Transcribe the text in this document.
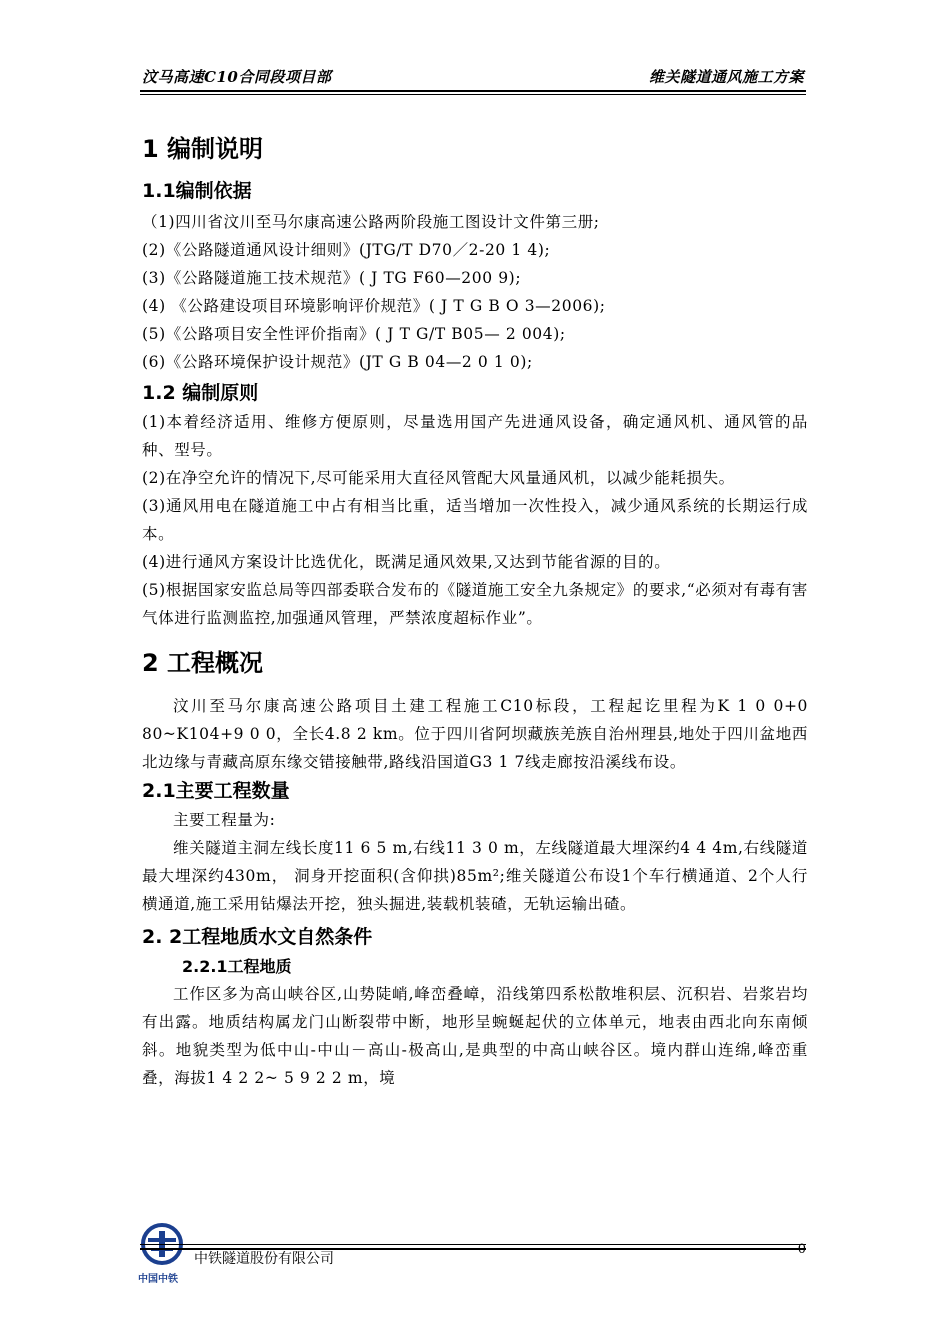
汶马高速C10合同段项目部	维关隧道通风施工方案
1 编制说明
1.1编制依据

（1)四川省汶川至马尔康高速公路两阶段施工图设计文件第三册;

(2)《公路隧道通风设计细则》(JTG/T D70／2-20 1 4);

(3)《公路隧道施工技术规范》( J TG F60—200 9);

(4) 《公路建设项目环境影响评价规范》( J T G B O 3—2006);

(5)《公路项目安全性评价指南》( J T G/T B05— 2 004);

(6)《公路环境保护设计规范》(JT G B 04—2 0 1 0);

1.2 编制原则

(1)本着经济适用、维修方便原则，尽量选用国产先进通风设备，确定通风机、通风管的品种、型号。

(2)在净空允许的情况下,尽可能采用大直径风管配大风量通风机，以减少能耗损失。

(3)通风用电在隧道施工中占有相当比重，适当增加一次性投入，减少通风系统的长期运行成本。

(4)进行通风方案设计比选优化，既满足通风效果,又达到节能省源的目的。

(5)根据国家安监总局等四部委联合发布的《隧道施工安全九条规定》的要求,“必须对有毒有害气体进行监测监控,加强通风管理，严禁浓度超标作业”。

2 工程概况

汶川至马尔康高速公路项目土建工程施工C10标段，工程起讫里程为K 1 0 0+0 80~K104+9 0 0，全长4.8 2 km。位于四川省阿坝藏族羌族自治州理县,地处于四川盆地西北边缘与青藏高原东缘交错接触带,路线沿国道G3 1 7线走廊按沿溪线布设。

2.1主要工程数量

主要工程量为:

维关隧道主洞左线长度11 6 5 m,右线11 3 0 m，左线隧道最大埋深约4 4 4m,右线隧道最大埋深约430m， 洞身开挖面积(含仰拱)85m²;维关隧道公布设1个车行横通道、2个人行横通道,施工采用钻爆法开挖，独头掘进,装载机装碴，无轨运输出碴。

2. 2工程地质水文自然条件
2.2.1工程地质

工作区多为高山峡谷区,山势陡峭,峰峦叠嶂，沿线第四系松散堆积层、沉积岩、岩浆岩均有出露。地质结构属龙门山断裂带中断，地形呈蜿蜒起伏的立体单元，地表由西北向东南倾斜。地貌类型为低中山-中山－高山-极高山,是典型的中高山峡谷区。境内群山连绵,峰峦重叠，海拔1 4 2 2~ 5 9 2 2 m，境

中国中铁
中铁隧道股份有限公司
0
